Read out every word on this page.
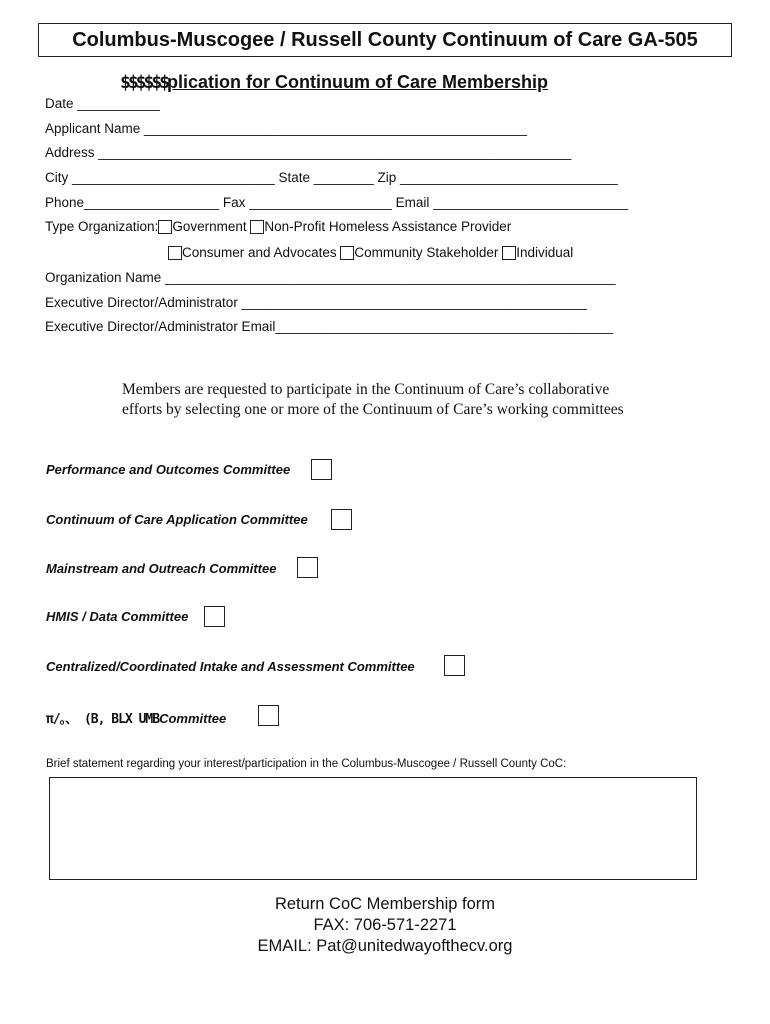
Columbus-Muscogee / Russell County Continuum of Care GA-505
$$$$$$plication for Continuum of Care Membership
Date ___________
Applicant Name ___________________________________________________
Address _______________________________________________________________
City ___________________________ State ________ Zip _____________________________
Phone__________________ Fax ___________________ Email __________________________
Type Organization: Government Non-Profit Homeless Assistance Provider
Consumer and Advocates Community Stakeholder Individual
Organization Name ____________________________________________________________
Executive Director/Administrator ______________________________________________
Executive Director/Administrator Email_____________________________________________
Members are requested to participate in the Continuum of Care’s collaborative efforts by selecting one or more of the Continuum of Care’s working committees
Performance and Outcomes Committee
Continuum of Care Application Committee
Mainstream and Outreach Committee
HMIS / Data Committee
Centralized/Coordinated Intake and Assessment Committee
π/。、 (B, BLX UMBCommittee
Brief statement regarding your interest/participation in the Columbus-Muscogee / Russell County CoC:
Return CoC Membership form
FAX: 706-571-2271
EMAIL: Pat@unitedwayofthecv.org
